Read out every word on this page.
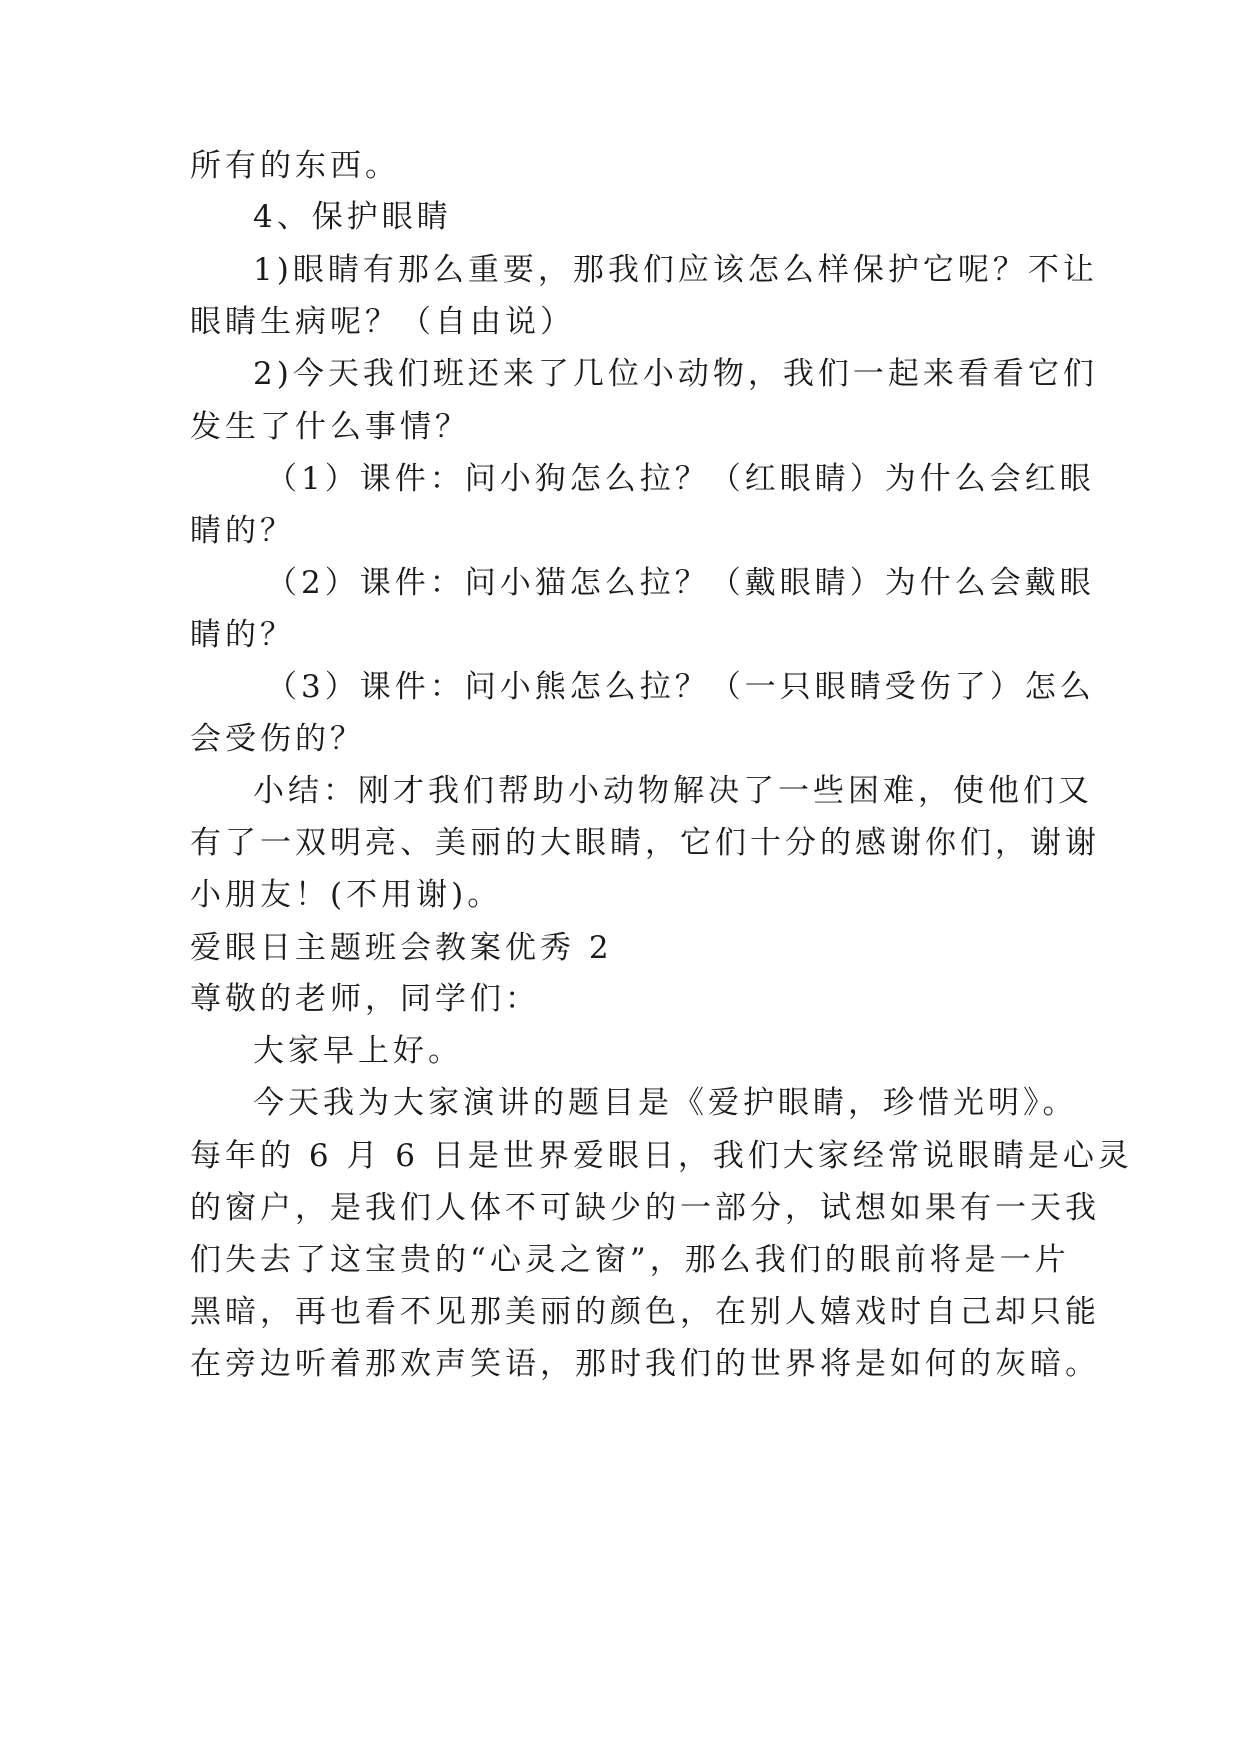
所有的东西。
4、保护眼睛
1)眼睛有那么重要，那我们应该怎么样保护它呢？不让
眼睛生病呢？（自由说）
2)今天我们班还来了几位小动物，我们一起来看看它们
发生了什么事情？
（1）课件：问小狗怎么拉？（红眼睛）为什么会红眼
睛的？
（2）课件：问小猫怎么拉？（戴眼睛）为什么会戴眼
睛的？
（3）课件：问小熊怎么拉？（一只眼睛受伤了）怎么
会受伤的？
小结：刚才我们帮助小动物解决了一些困难，使他们又
有了一双明亮、美丽的大眼睛，它们十分的感谢你们，谢谢
小朋友！(不用谢)。
爱眼日主题班会教案优秀 2
尊敬的老师，同学们：
大家早上好。
今天我为大家演讲的题目是《爱护眼睛，珍惜光明》。
每年的 6 月 6 日是世界爱眼日，我们大家经常说眼睛是心灵
的窗户，是我们人体不可缺少的一部分，试想如果有一天我
们失去了这宝贵的“心灵之窗”，那么我们的眼前将是一片
黑暗，再也看不见那美丽的颜色，在别人嬉戏时自己却只能
在旁边听着那欢声笑语，那时我们的世界将是如何的灰暗。
